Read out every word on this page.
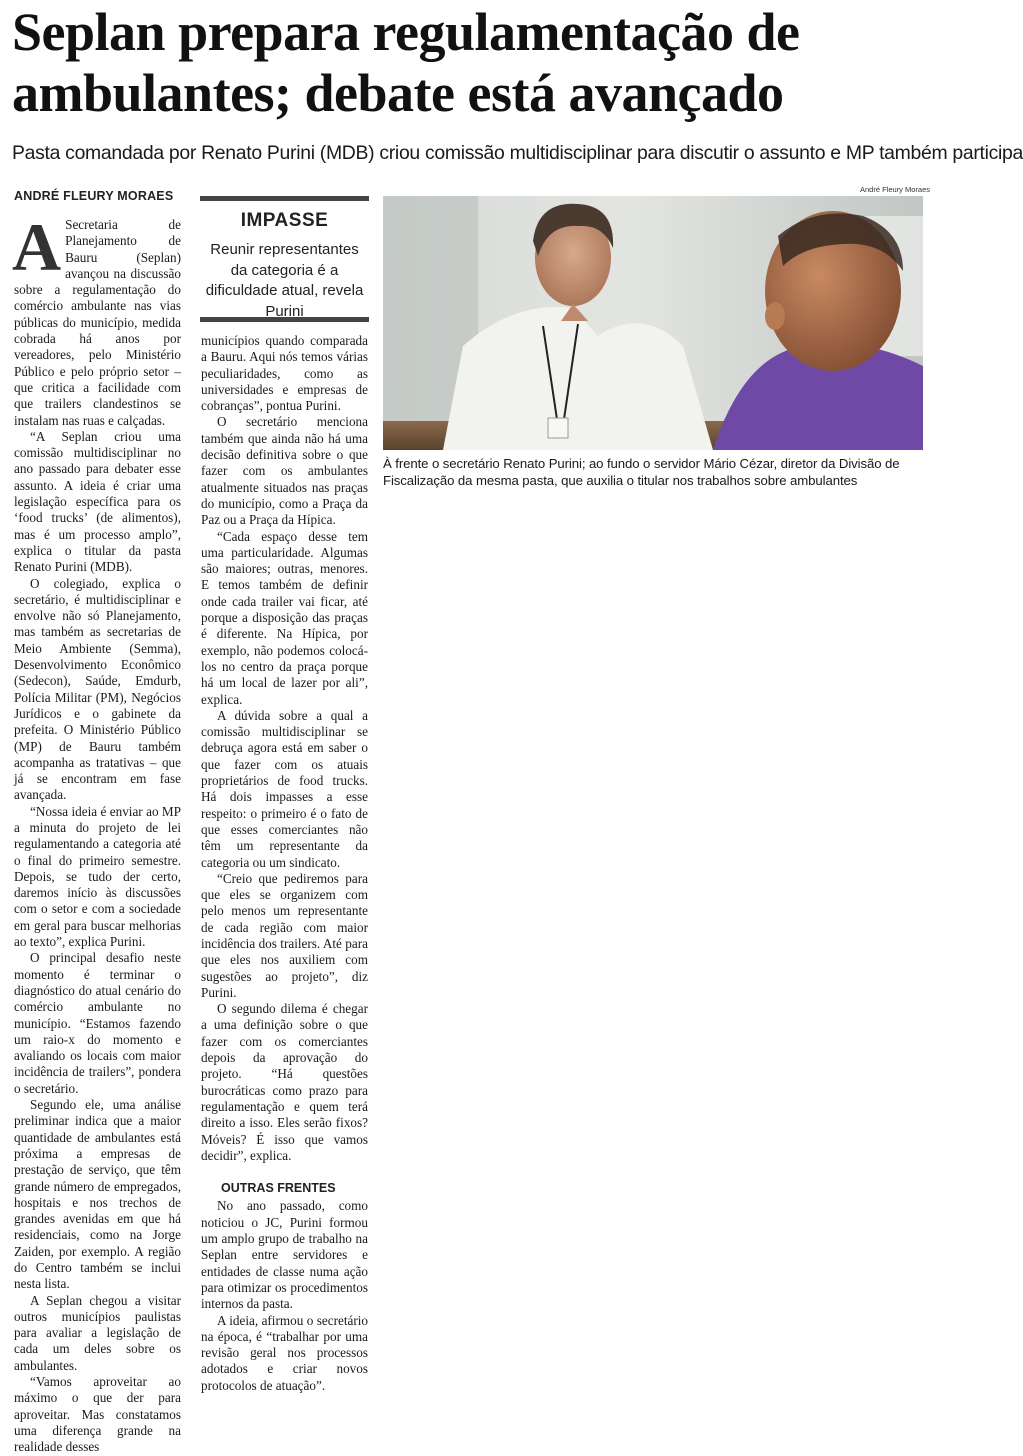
Seplan prepara regulamentação de ambulantes; debate está avançado
Pasta comandada por Renato Purini (MDB) criou comissão multidisciplinar para discutir o assunto e MP também participa
ANDRÉ FLEURY MORAES

A Secretaria de Planejamento de Bauru (Seplan) avançou na discussão sobre a regulamentação do comércio ambulante nas vias públicas do município, medida cobrada há anos por vereadores, pelo Ministério Público e pelo próprio setor – que critica a facilidade com que trailers clandestinos se instalam nas ruas e calçadas.

“A Seplan criou uma comissão multidisciplinar no ano passado para debater esse assunto. A ideia é criar uma legislação específica para os ‘food trucks’ (de alimentos), mas é um processo amplo”, explica o titular da pasta Renato Purini (MDB).

O colegiado, explica o secretário, é multidisciplinar e envolve não só Planejamento, mas também as secretarias de Meio Ambiente (Semma), Desenvolvimento Econômico (Sedecon), Saúde, Emdurb, Polícia Militar (PM), Negócios Jurídicos e o gabinete da prefeita. O Ministério Público (MP) de Bauru também acompanha as tratativas – que já se encontram em fase avançada.

“Nossa ideia é enviar ao MP a minuta do projeto de lei regulamentando a categoria até o final do primeiro semestre. Depois, se tudo der certo, daremos início às discussões com o setor e com a sociedade em geral para buscar melhorias ao texto”, explica Purini.

O principal desafio neste momento é terminar o diagnóstico do atual cenário do comércio ambulante no município. “Estamos fazendo um raio-x do momento e avaliando os locais com maior incidência de trailers”, pondera o secretário.

Segundo ele, uma análise preliminar indica que a maior quantidade de ambulantes está próxima a empresas de prestação de serviço, que têm grande número de empregados, hospitais e nos trechos de grandes avenidas em que há residenciais, como na Jorge Zaiden, por exemplo. A região do Centro também se inclui nesta lista.

A Seplan chegou a visitar outros municípios paulistas para avaliar a legislação de cada um deles sobre os ambulantes.

“Vamos aproveitar ao máximo o que der para aproveitar. Mas constatamos uma diferença grande na realidade desses

IMPASSE
Reunir representantes da categoria é a dificuldade atual, revela Purini

municípios quando comparada a Bauru. Aqui nós temos várias peculiaridades, como as universidades e empresas de cobranças”, pontua Purini.

O secretário menciona também que ainda não há uma decisão definitiva sobre o que fazer com os ambulantes atualmente situados nas praças do município, como a Praça da Paz ou a Praça da Hípica.

“Cada espaço desse tem uma particularidade. Algumas são maiores; outras, menores. E temos também de definir onde cada trailer vai ficar, até porque a disposição das praças é diferente. Na Hípica, por exemplo, não podemos colocá-los no centro da praça porque há um local de lazer por ali”, explica.

A dúvida sobre a qual a comissão multidisciplinar se debruça agora está em saber o que fazer com os atuais proprietários de food trucks. Há dois impasses a esse respeito: o primeiro é o fato de que esses comerciantes não têm um representante da categoria ou um sindicato.

“Creio que pediremos para que eles se organizem com pelo menos um representante de cada região com maior incidência dos trailers. Até para que eles nos auxiliem com sugestões ao projeto”, diz Purini.

O segundo dilema é chegar a uma definição sobre o que fazer com os comerciantes depois da aprovação do projeto. “Há questões burocráticas como prazo para regulamentação e quem terá direito a isso. Eles serão fixos? Móveis? É isso que vamos decidir”, explica.

OUTRAS FRENTES

No ano passado, como noticiou o JC, Purini formou um amplo grupo de trabalho na Seplan entre servidores e entidades de classe numa ação para otimizar os procedimentos internos da pasta.

A ideia, afirmou o secretário na época, é “trabalhar por uma revisão geral nos processos adotados e criar novos protocolos de atuação”.

André Fleury Moraes
À frente o secretário Renato Purini; ao fundo o servidor Mário Cézar, diretor da Divisão de Fiscalização da mesma pasta, que auxilia o titular nos trabalhos sobre ambulantes
